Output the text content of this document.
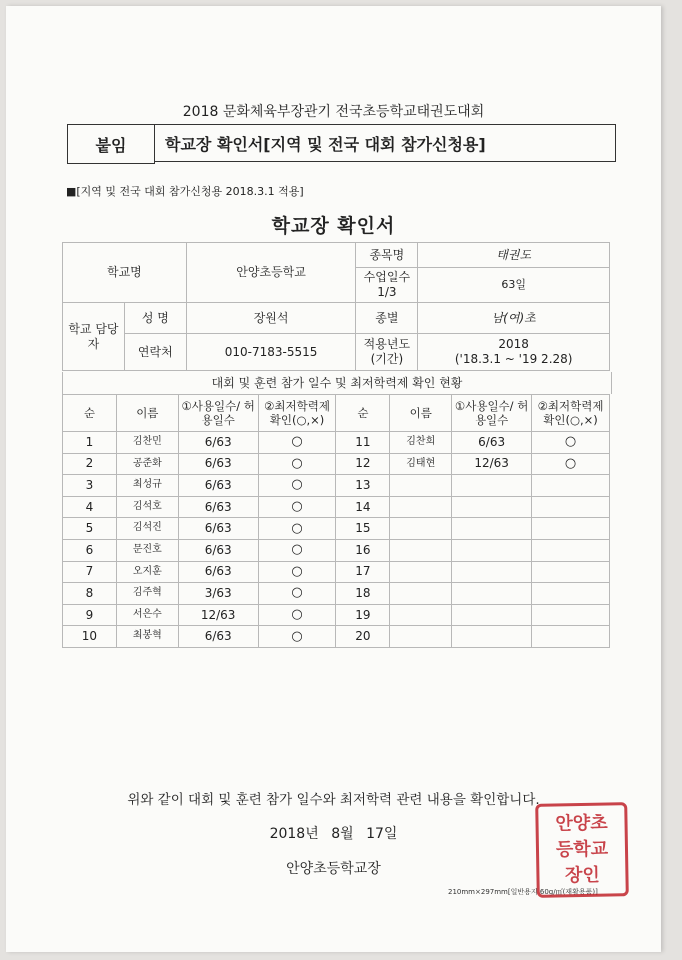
2018 문화체육부장관기 전국초등학교태권도대회
학교장 확인서[지역 및 전국 대회 참가신청용]
붙임
■[지역 및 전국 대회 참가신청용 2018.3.1 적용]
학교장 확인서
학교명		안양초등학교	종목명	태권도
			수업일수 1/3	63일
학교 담당자	성 명	장원석	종별	남(여)초
	연락처	010-7183-5515	적용년도 (기간)	2018
('18.3.1 ~ '19 2.28)
대회 및 훈련 참가 일수 및 최저학력제 확인 현황
순	이름	①사용일수/ 허용일수	②최저학력제 확인(○,×)	순	이름	①사용일수/ 허용일수	②최저학력제 확인(○,×)
1	김찬민	6/63	○	11	김찬희	6/63	○
2	공준화	6/63	○	12	김태현	12/63	○
3	최성규	6/63	○	13			
4	김석호	6/63	○	14			
5	김석진	6/63	○	15			
6	문진호	6/63	○	16			
7	오지훈	6/63	○	17			
8	김주혁	3/63	○	18			
9	서은수	12/63	○	19			
10	최봉혁	6/63	○	20			
위와 같이 대회 및 훈련 참가 일수와 최저학력 관련 내용을 확인합니다.
2018년 8월 17일
안양초등학교장
210mm×297mm[일반용지 60g/㎡(재활용품)]
안양초
등학교
장인
